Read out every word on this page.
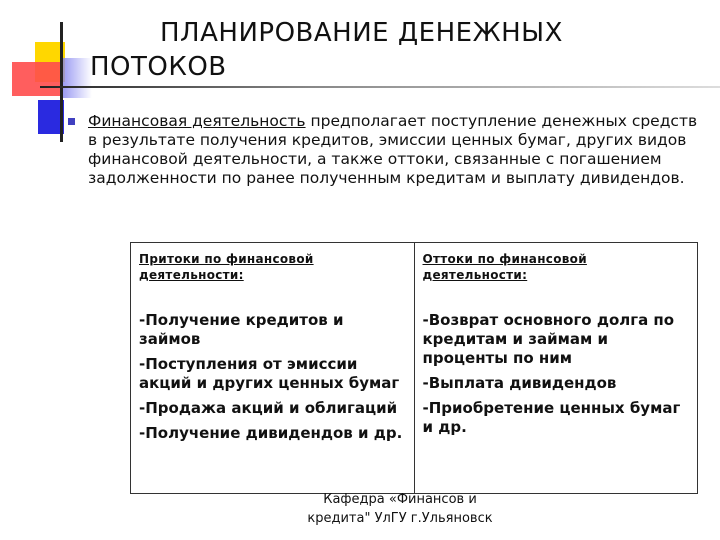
ПЛАНИРОВАНИЕ ДЕНЕЖНЫХ
ПОТОКОВ

Финансовая деятельность предполагает поступление денежных средств в результате получения кредитов, эмиссии ценных бумаг, других видов финансовой деятельности, а также оттоки, связанные с погашением задолженности по ранее полученным кредитам и выплату дивидендов.

Притоки по финансовой деятельности:

-Получение кредитов и займов

-Поступления от эмиссии акций и других ценных бумаг

-Продажа акций и облигаций

-Получение дивидендов и др.

Оттоки по финансовой деятельности:

-Возврат основного долга по кредитам и займам и проценты по ним

-Выплата дивидендов

-Приобретение ценных бумаг и др.

Кафедра «Финансов и
кредита" УлГУ г.Ульяновск
